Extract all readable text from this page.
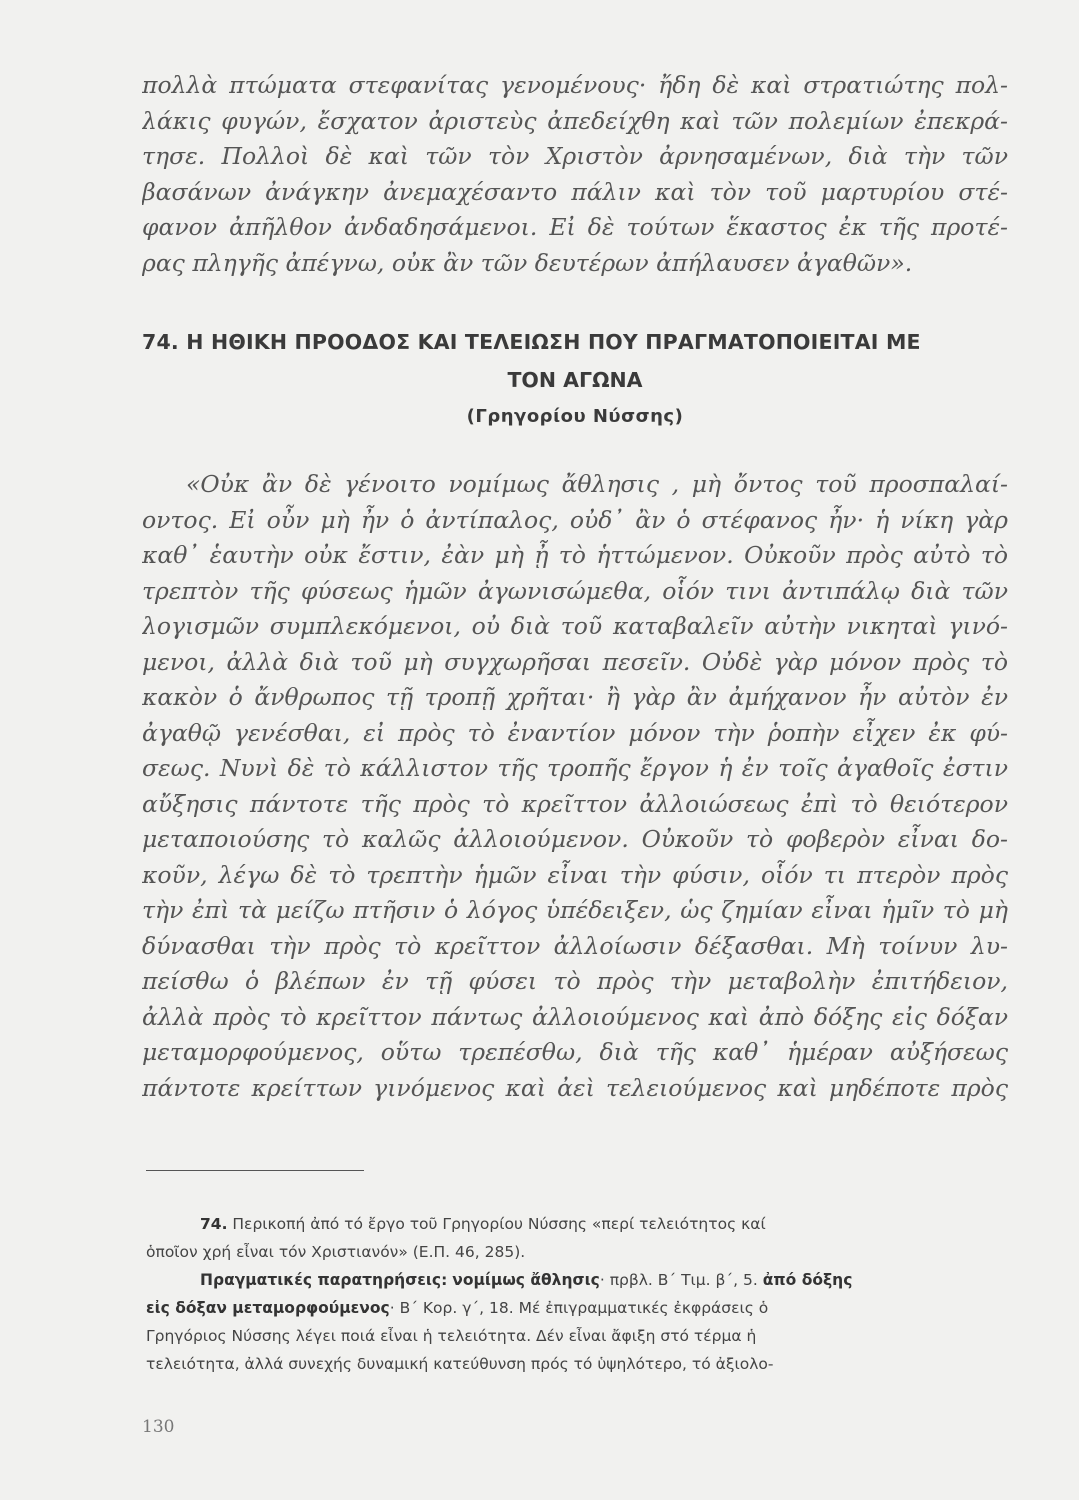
πολλὰ πτώματα στεφανίτας γενομένους· ἤδη δὲ καὶ στρατιώτης πολ-
λάκις φυγών, ἔσχατον ἀριστεὺς ἀπεδείχθη καὶ τῶν πολεμίων ἐπεκρά-
τησε. Πολλοὶ δὲ καὶ τῶν τὸν Χριστὸν ἀρνησαμένων, διὰ τὴν τῶν
βασάνων ἀνάγκην ἀνεμαχέσαντο πάλιν καὶ τὸν τοῦ μαρτυρίου στέ-
φανον ἀπῆλθον ἀνδαδησάμενοι. Εἰ δὲ τούτων ἕκαστος ἐκ τῆς προτέ-
ρας πληγῆς ἀπέγνω, οὐκ ἂν τῶν δευτέρων ἀπήλαυσεν ἀγαθῶν».
74. Η ΗΘΙΚΗ ΠΡΟΟΔΟΣ ΚΑΙ ΤΕΛΕΙΩΣΗ ΠΟΥ ΠΡΑΓΜΑΤΟΠΟΙΕΙΤΑΙ ΜΕ
ΤΟΝ ΑΓΩΝΑ
(Γρηγορίου Νύσσης)
«Οὐκ ἂν δὲ γένοιτο νομίμως ἄθλησις , μὴ ὄντος τοῦ προσπαλαί-
οντος. Εἰ οὖν μὴ ἦν ὁ ἀντίπαλος, οὐδ᾽ ἂν ὁ στέφανος ἦν· ἡ νίκη γὰρ
καθ᾽ ἑαυτὴν οὐκ ἔστιν, ἐὰν μὴ ᾖ τὸ ἡττώμενον. Οὐκοῦν πρὸς αὐτὸ τὸ
τρεπτὸν τῆς φύσεως ἡμῶν ἀγωνισώμεθα, οἷόν τινι ἀντιπάλῳ διὰ τῶν
λογισμῶν συμπλεκόμενοι, οὐ διὰ τοῦ καταβαλεῖν αὐτὴν νικηταὶ γινό-
μενοι, ἀλλὰ διὰ τοῦ μὴ συγχωρῆσαι πεσεῖν. Οὐδὲ γὰρ μόνον πρὸς τὸ
κακὸν ὁ ἄνθρωπος τῇ τροπῇ χρῆται· ἢ γὰρ ἂν ἀμήχανον ἦν αὐτὸν ἐν
ἀγαθῷ γενέσθαι, εἰ πρὸς τὸ ἐναντίον μόνον τὴν ῥοπὴν εἶχεν ἐκ φύ-
σεως. Νυνὶ δὲ τὸ κάλλιστον τῆς τροπῆς ἔργον ἡ ἐν τοῖς ἀγαθοῖς ἐστιν
αὔξησις πάντοτε τῆς πρὸς τὸ κρεῖττον ἀλλοιώσεως ἐπὶ τὸ θειότερον
μεταποιούσης τὸ καλῶς ἀλλοιούμενον. Οὐκοῦν τὸ φοβερὸν εἶναι δο-
κοῦν, λέγω δὲ τὸ τρεπτὴν ἡμῶν εἶναι τὴν φύσιν, οἷόν τι πτερὸν πρὸς
τὴν ἐπὶ τὰ μείζω πτῆσιν ὁ λόγος ὑπέδειξεν, ὡς ζημίαν εἶναι ἡμῖν τὸ μὴ
δύνασθαι τὴν πρὸς τὸ κρεῖττον ἀλλοίωσιν δέξασθαι. Μὴ τοίνυν λυ-
πείσθω ὁ βλέπων ἐν τῇ φύσει τὸ πρὸς τὴν μεταβολὴν ἐπιτήδειον,
ἀλλὰ πρὸς τὸ κρεῖττον πάντως ἀλλοιούμενος καὶ ἀπὸ δόξης εἰς δόξαν
μεταμορφούμενος, οὕτω τρεπέσθω, διὰ τῆς καθ᾽ ἡμέραν αὐξήσεως
πάντοτε κρείττων γινόμενος καὶ ἀεὶ τελειούμενος καὶ μηδέποτε πρὸς
74. Περικοπή ἀπό τό ἔργο τοῦ Γρηγορίου Νύσσης «περί τελειότητος καί
ὁποῖον χρή εἶναι τόν Χριστιανόν» (Ε.Π. 46, 285).
Πραγματικές παρατηρήσεις: νομίμως ἄθλησις· πρβλ. Β´ Τιμ. β´, 5. ἀπό δόξης
εἰς δόξαν μεταμορφούμενος· Β´ Κορ. γ´, 18. Μέ ἐπιγραμματικές ἐκφράσεις ὁ
Γρηγόριος Νύσσης λέγει ποιά εἶναι ἡ τελειότητα. Δέν εἶναι ἄφιξη στό τέρμα ἡ
τελειότητα, ἀλλά συνεχής δυναμική κατεύθυνση πρός τό ὑψηλότερο, τό ἀξιολο-
130
